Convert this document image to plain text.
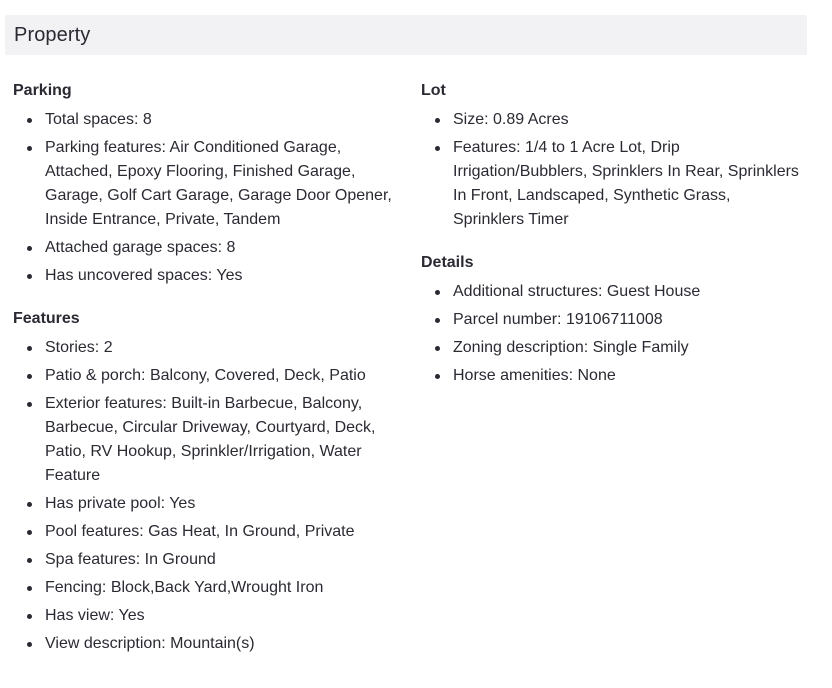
Property
Parking
Total spaces: 8
Parking features: Air Conditioned Garage, Attached, Epoxy Flooring, Finished Garage, Garage, Golf Cart Garage, Garage Door Opener, Inside Entrance, Private, Tandem
Attached garage spaces: 8
Has uncovered spaces: Yes
Features
Stories: 2
Patio & porch: Balcony, Covered, Deck, Patio
Exterior features: Built-in Barbecue, Balcony, Barbecue, Circular Driveway, Courtyard, Deck, Patio, RV Hookup, Sprinkler/Irrigation, Water Feature
Has private pool: Yes
Pool features: Gas Heat, In Ground, Private
Spa features: In Ground
Fencing: Block,Back Yard,Wrought Iron
Has view: Yes
View description: Mountain(s)
Lot
Size: 0.89 Acres
Features: 1/4 to 1 Acre Lot, Drip Irrigation/Bubblers, Sprinklers In Rear, Sprinklers In Front, Landscaped, Synthetic Grass, Sprinklers Timer
Details
Additional structures: Guest House
Parcel number: 19106711008
Zoning description: Single Family
Horse amenities: None
